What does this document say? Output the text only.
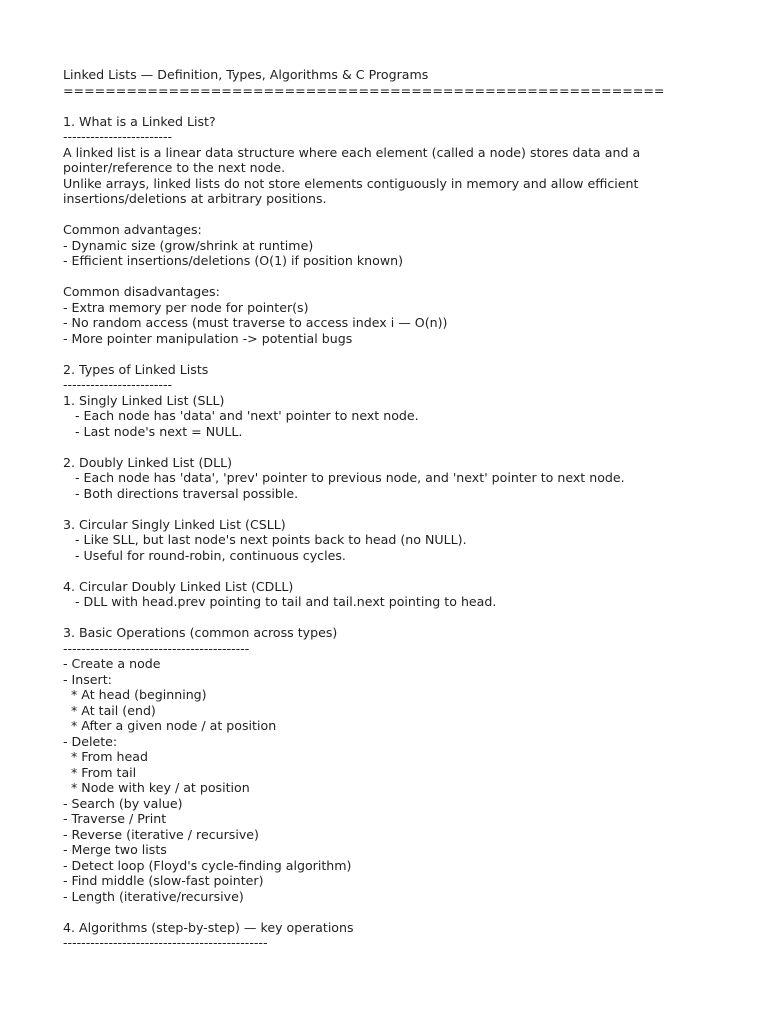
Linked Lists — Definition, Types, Algorithms & C Programs
=========================================================
1. What is a Linked List?
------------------------
A linked list is a linear data structure where each element (called a node) stores data and a
pointer/reference to the next node.
Unlike arrays, linked lists do not store elements contiguously in memory and allow efficient
insertions/deletions at arbitrary positions.
Common advantages:
- Dynamic size (grow/shrink at runtime)
- Efficient insertions/deletions (O(1) if position known)
Common disadvantages:
- Extra memory per node for pointer(s)
- No random access (must traverse to access index i — O(n))
- More pointer manipulation -> potential bugs
2. Types of Linked Lists
------------------------
1. Singly Linked List (SLL)
- Each node has 'data' and 'next' pointer to next node.
- Last node's next = NULL.
2. Doubly Linked List (DLL)
- Each node has 'data', 'prev' pointer to previous node, and 'next' pointer to next node.
- Both directions traversal possible.
3. Circular Singly Linked List (CSLL)
- Like SLL, but last node's next points back to head (no NULL).
- Useful for round-robin, continuous cycles.
4. Circular Doubly Linked List (CDLL)
- DLL with head.prev pointing to tail and tail.next pointing to head.
3. Basic Operations (common across types)
-----------------------------------------
- Create a node
- Insert:
* At head (beginning)
* At tail (end)
* After a given node / at position
- Delete:
* From head
* From tail
* Node with key / at position
- Search (by value)
- Traverse / Print
- Reverse (iterative / recursive)
- Merge two lists
- Detect loop (Floyd's cycle-finding algorithm)
- Find middle (slow-fast pointer)
- Length (iterative/recursive)
4. Algorithms (step-by-step) — key operations
---------------------------------------------
